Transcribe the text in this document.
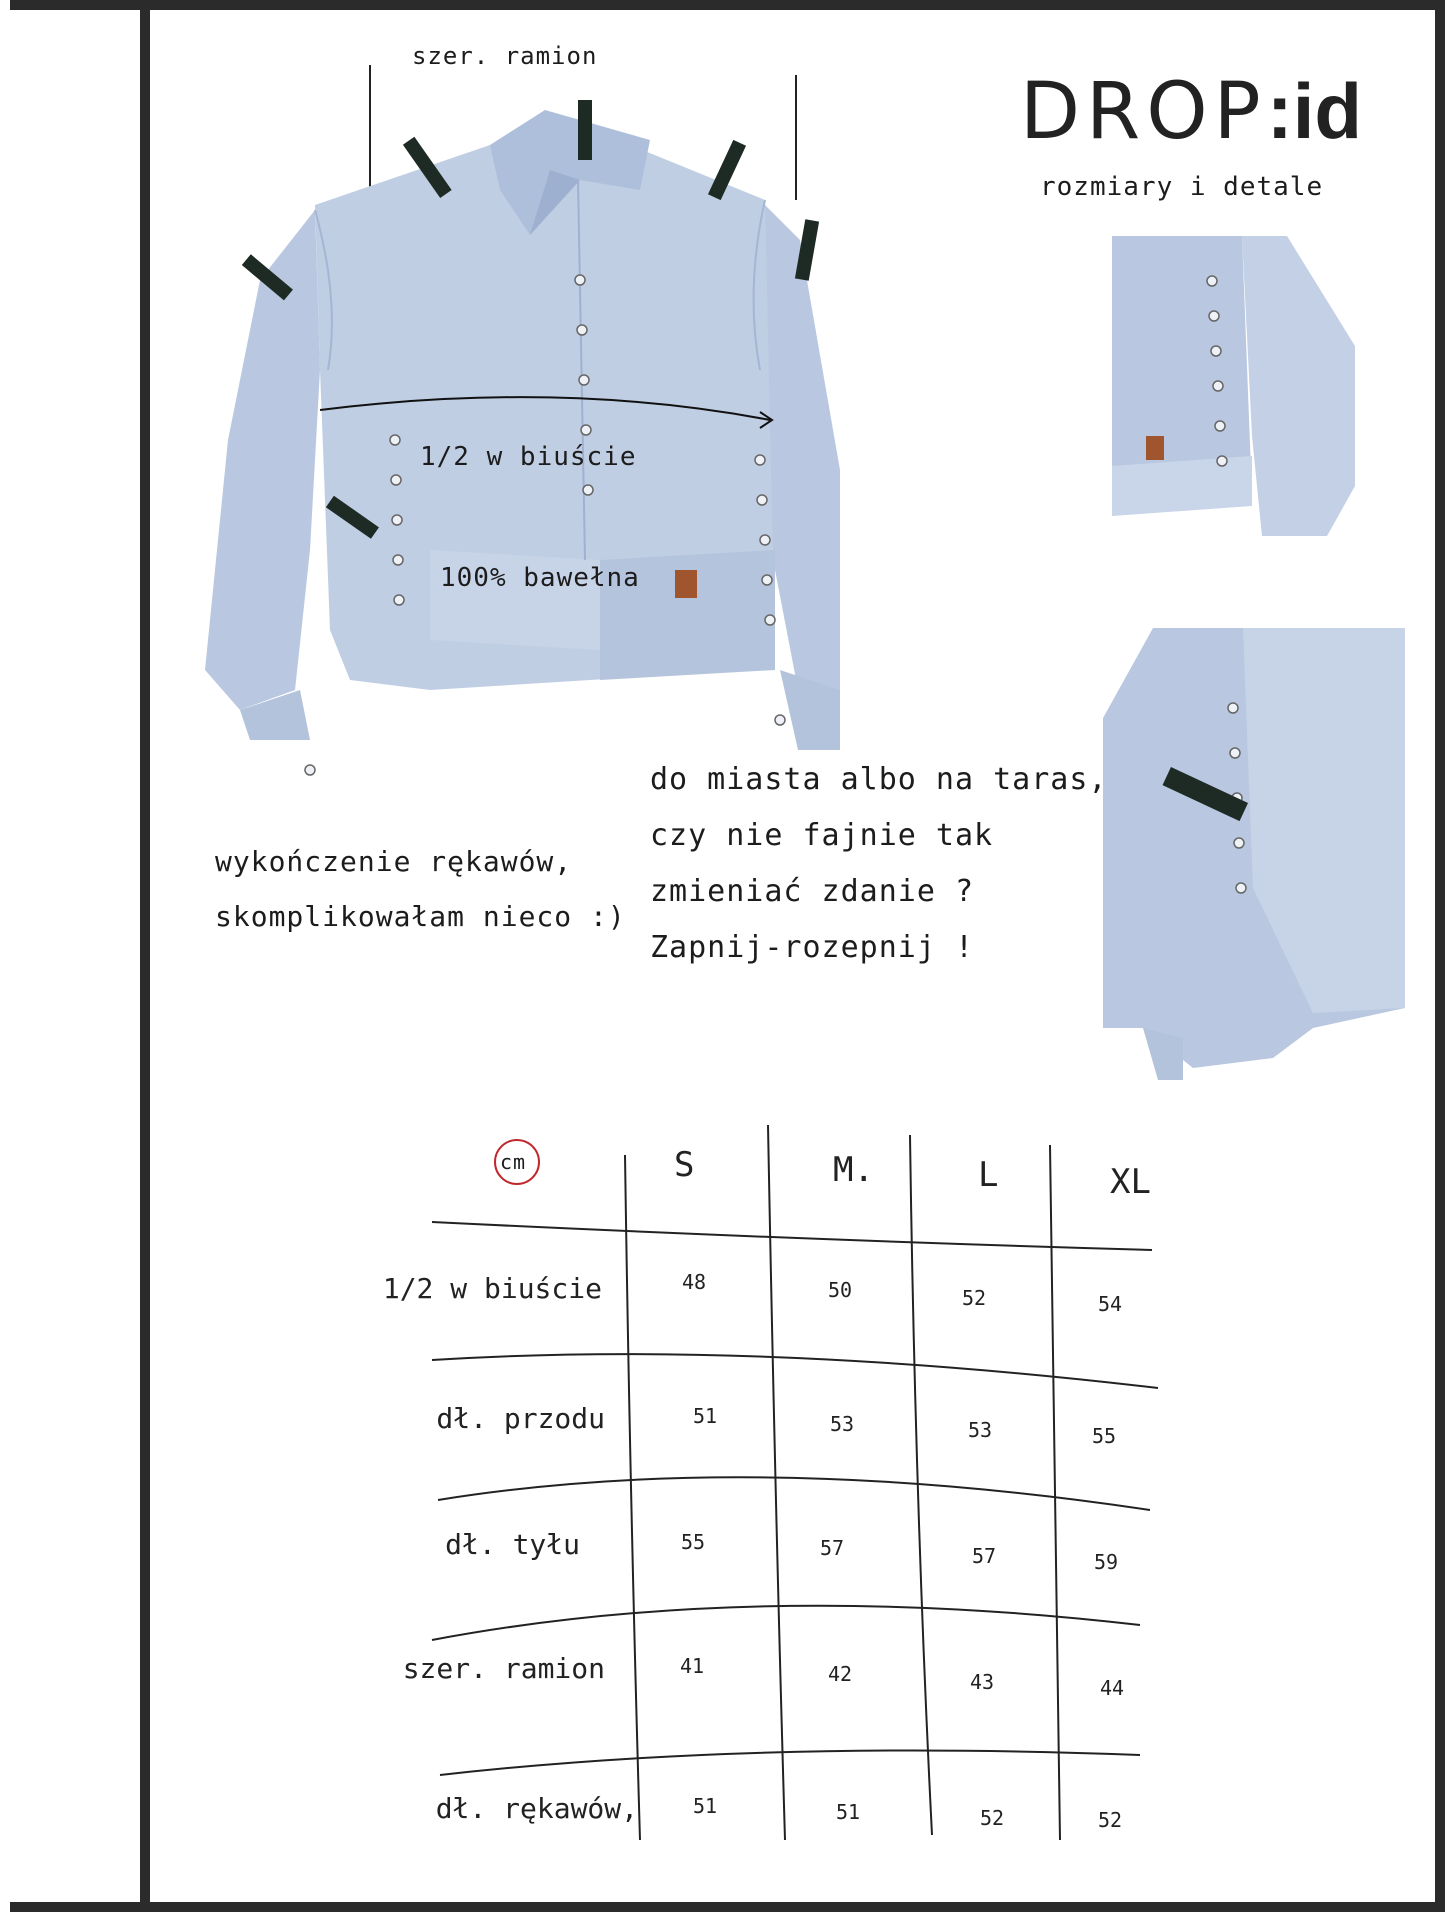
szer. ramion
1/2 w biuście
100% bawełna
DROP:id
rozmiary i detale
wykończenie rękawów,
skomplikowałam nieco :)
do miasta albo na taras,
czy nie fajnie tak
zmieniać zdanie ?
Zapnij-rozepnij !
cm	S	M.	L	XL
1/2 w biuście	48	50	52	54
dł. przodu	51	53	53	55
dł. tyłu	55	57	57	59
szer. ramion	41	42	43	44
dł. rękawów,	51	51	52	52
